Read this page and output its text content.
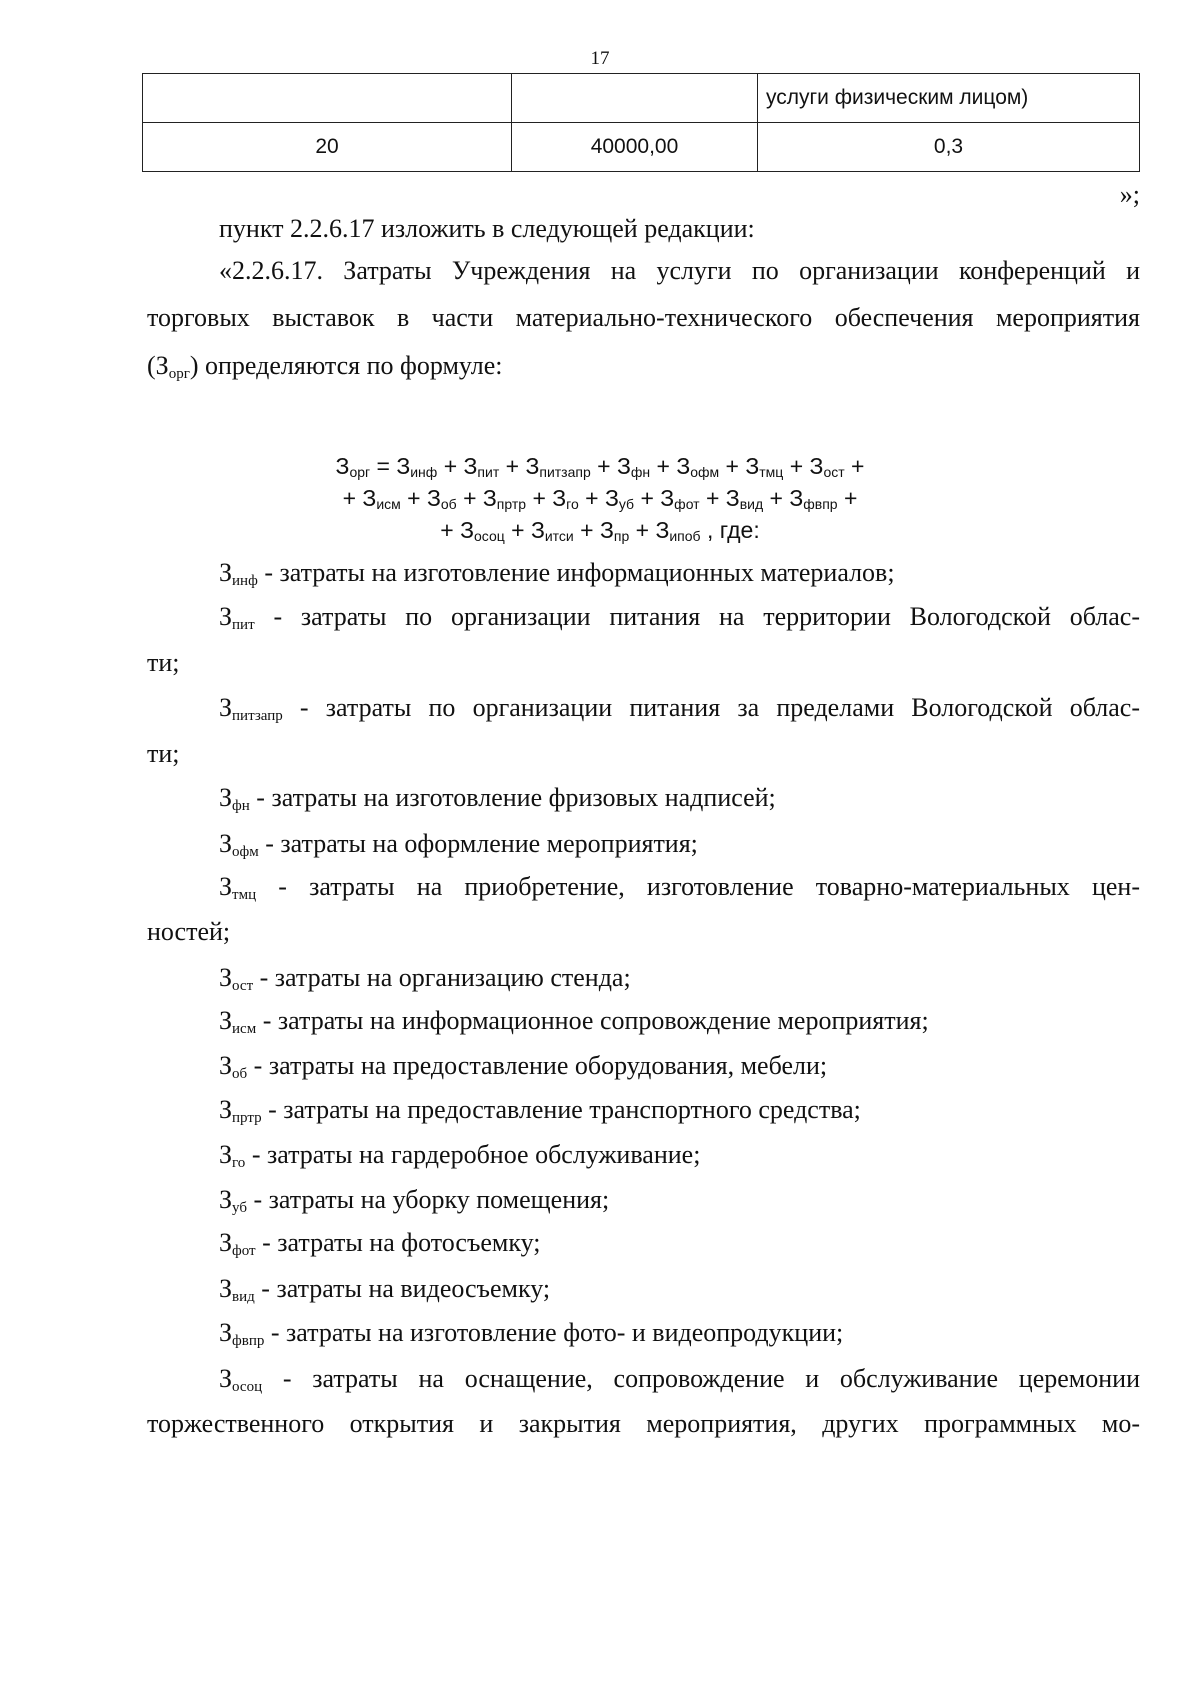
17
		услуги физическим лицом)
20	40000,00	0,3
»;
пункт 2.2.6.17 изложить в следующей редакции:
«2.2.6.17. Затраты Учреждения на услуги по организации конференций и
торговых выставок в части материально-технического обеспечения мероприятия
$(З_{орг})$ определяются по формуле:
$З_{орг} = З_{инф} + З_{пит} + З_{питзапр} + З_{фн} + З_{офм} + З_{тмц} + З_{ост}$ +
+ $З_{исм} + З_{об} + З_{пртр} + З_{го} + З_{уб} + З_{фот} + З_{вид} + З_{фвпр}$ +
+ $З_{осоц} + З_{итси} + З_{пр} + З_{ипоб}$ , где:
$З_{инф}$ - затраты на изготовление информационных материалов;
$З_{пит}$ - затраты по организации питания на территории Вологодской облас-
ти;
$З_{питзапр}$ - затраты по организации питания за пределами Вологодской облас-
ти;
$З_{фн}$ - затраты на изготовление фризовых надписей;
$З_{офм}$ - затраты на оформление мероприятия;
$З_{тмц}$ - затраты на приобретение, изготовление товарно-материальных цен-
ностей;
$З_{ост}$ - затраты на организацию стенда;
$З_{исм}$ - затраты на информационное сопровождение мероприятия;
$З_{об}$ - затраты на предоставление оборудования, мебели;
$З_{пртр}$ - затраты на предоставление транспортного средства;
$З_{го}$ - затраты на гардеробное обслуживание;
$З_{уб}$ - затраты на уборку помещения;
$З_{фот}$ - затраты на фотосъемку;
$З_{вид}$ - затраты на видеосъемку;
$З_{фвпр}$ - затраты на изготовление фото- и видеопродукции;
$З_{осоц}$ - затраты на оснащение, сопровождение и обслуживание церемонии
торжественного открытия и закрытия мероприятия, других программных мо-
